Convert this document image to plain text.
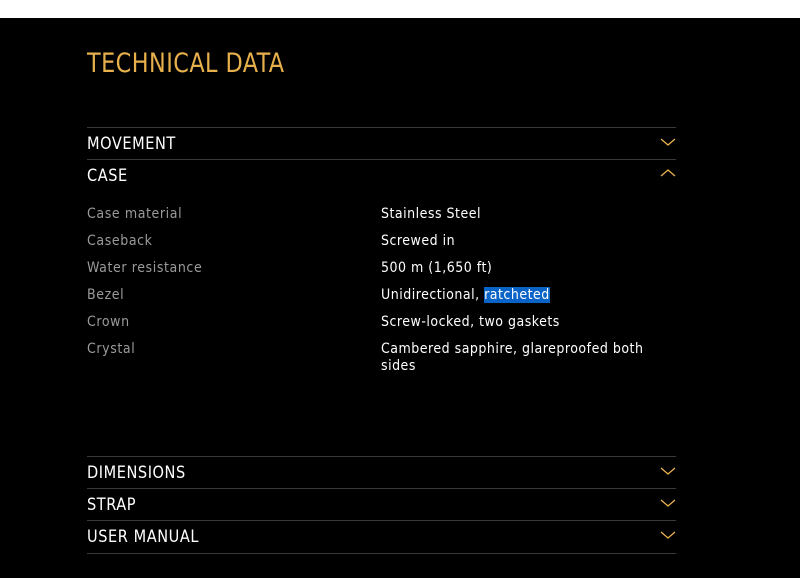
TECHNICAL DATA
MOVEMENT
CASE
Case material	Stainless Steel
Caseback	Screwed in
Water resistance	500 m (1,650 ft)
Bezel	Unidirectional, ratcheted
Crown	Screw-locked, two gaskets
Crystal	Cambered sapphire, glareproofed both sides
DIMENSIONS
STRAP
USER MANUAL
